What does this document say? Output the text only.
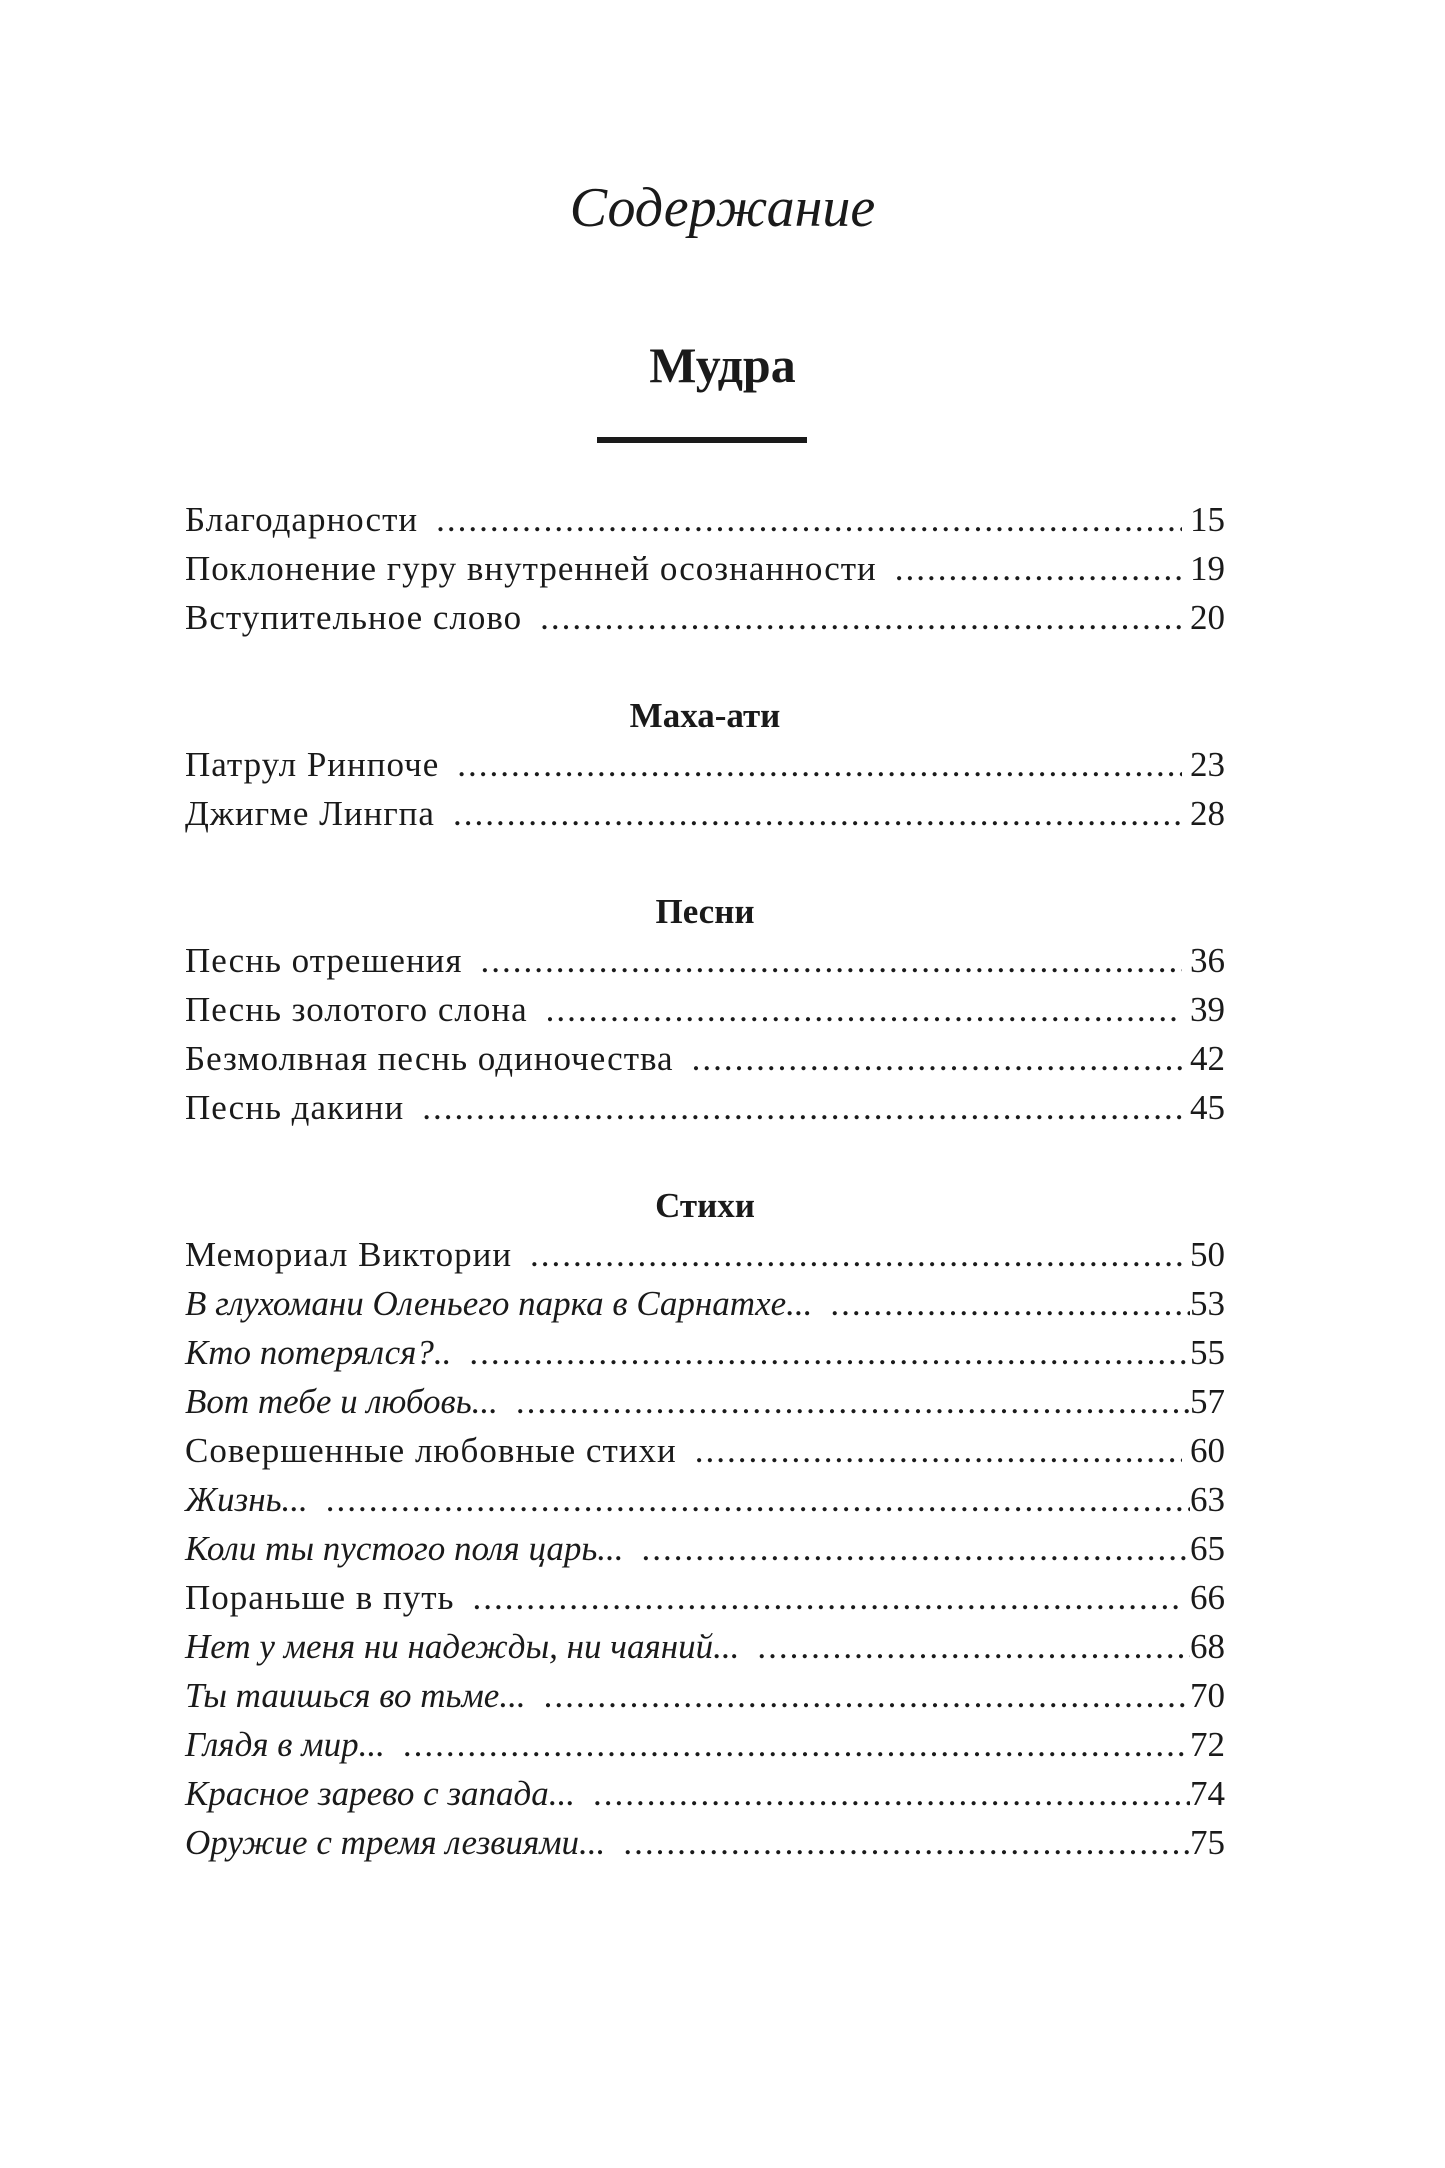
Содержание
Мудра
Благодарности .....	15
Поклонение гуру внутренней осознанности .....	19
Вступительное слово .....	20
Маха-ати
Патрул Ринпоче .....	23
Джигме Лингпа .....	28
Песни
Песнь отрешения .....	36
Песнь золотого слона .....	39
Безмолвная песнь одиночества .....	42
Песнь дакини .....	45
Стихи
Мемориал Виктории .....	50
В глухомани Оленьего парка в Сарнатхе... .....	53
Кто потерялся?.. .....	55
Вот тебе и любовь... .....	57
Совершенные любовные стихи .....	60
Жизнь... .....	63
Коли ты пустого поля царь... .....	65
Пораньше в путь .....	66
Нет у меня ни надежды, ни чаяний... .....	68
Ты таишься во тьме... .....	70
Глядя в мир... .....	72
Красное зарево с запада... .....	74
Оружие с тремя лезвиями... .....	75
